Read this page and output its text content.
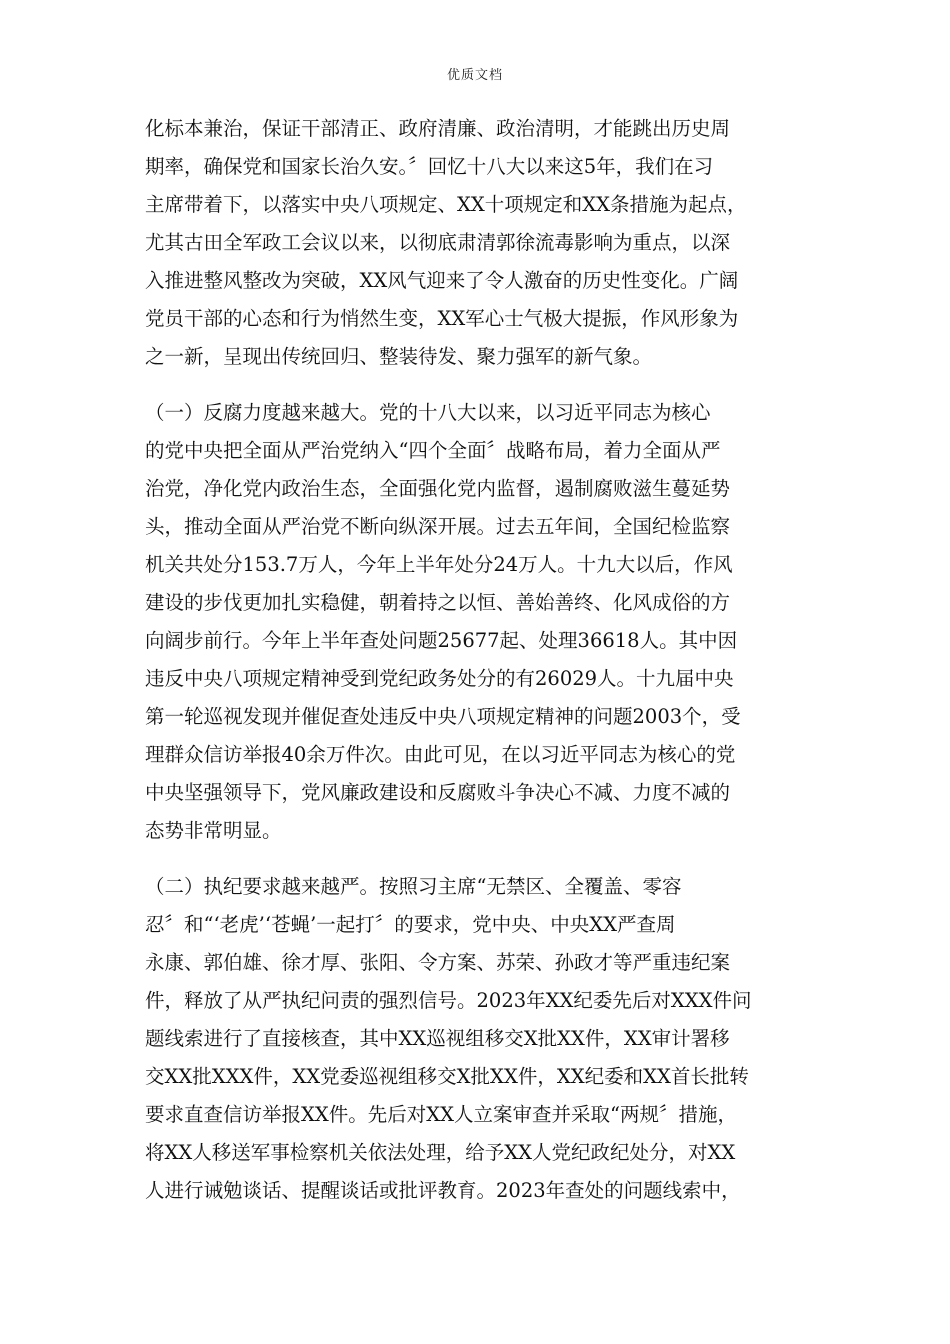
优质文档
化标本兼治，保证干部清正、政府清廉、政治清明，才能跳出历史周
期率，确保党和国家长治久安。〞回忆十八大以来这5年，我们在习
主席带着下，以落实中央八项规定、XX十项规定和XX条措施为起点，
尤其古田全军政工会议以来，以彻底肃清郭徐流毒影响为重点，以深
入推进整风整改为突破，XX风气迎来了令人激奋的历史性变化。广阔
党员干部的心态和行为悄然生变，XX军心士气极大提振，作风形象为
之一新，呈现出传统回归、整装待发、聚力强军的新气象。
（一）反腐力度越来越大。党的十八大以来，以习近平同志为核心
的党中央把全面从严治党纳入“四个全面〞战略布局，着力全面从严
治党，净化党内政治生态，全面强化党内监督，遏制腐败滋生蔓延势
头，推动全面从严治党不断向纵深开展。过去五年间，全国纪检监察
机关共处分153.7万人，今年上半年处分24万人。十九大以后，作风
建设的步伐更加扎实稳健，朝着持之以恒、善始善终、化风成俗的方
向阔步前行。今年上半年查处问题25677起、处理36618人。其中因
违反中央八项规定精神受到党纪政务处分的有26029人。十九届中央
第一轮巡视发现并催促查处违反中央八项规定精神的问题2003个，受
理群众信访举报40余万件次。由此可见，在以习近平同志为核心的党
中央坚强领导下，党风廉政建设和反腐败斗争决心不减、力度不减的
态势非常明显。
（二）执纪要求越来越严。按照习主席“无禁区、全覆盖、零容
忍〞和“‘老虎’‘苍蝇’一起打〞的要求，党中央、中央XX严查周
永康、郭伯雄、徐才厚、张阳、令方案、苏荣、孙政才等严重违纪案
件，释放了从严执纪问责的强烈信号。2023年XX纪委先后对XXX件问
题线索进行了直接核查，其中XX巡视组移交X批XX件，XX审计署移
交XX批XXX件，XX党委巡视组移交X批XX件，XX纪委和XX首长批转
要求直查信访举报XX件。先后对XX人立案审查并采取“两规〞措施，
将XX人移送军事检察机关依法处理，给予XX人党纪政纪处分，对XX
人进行诫勉谈话、提醒谈话或批评教育。2023年查处的问题线索中，
